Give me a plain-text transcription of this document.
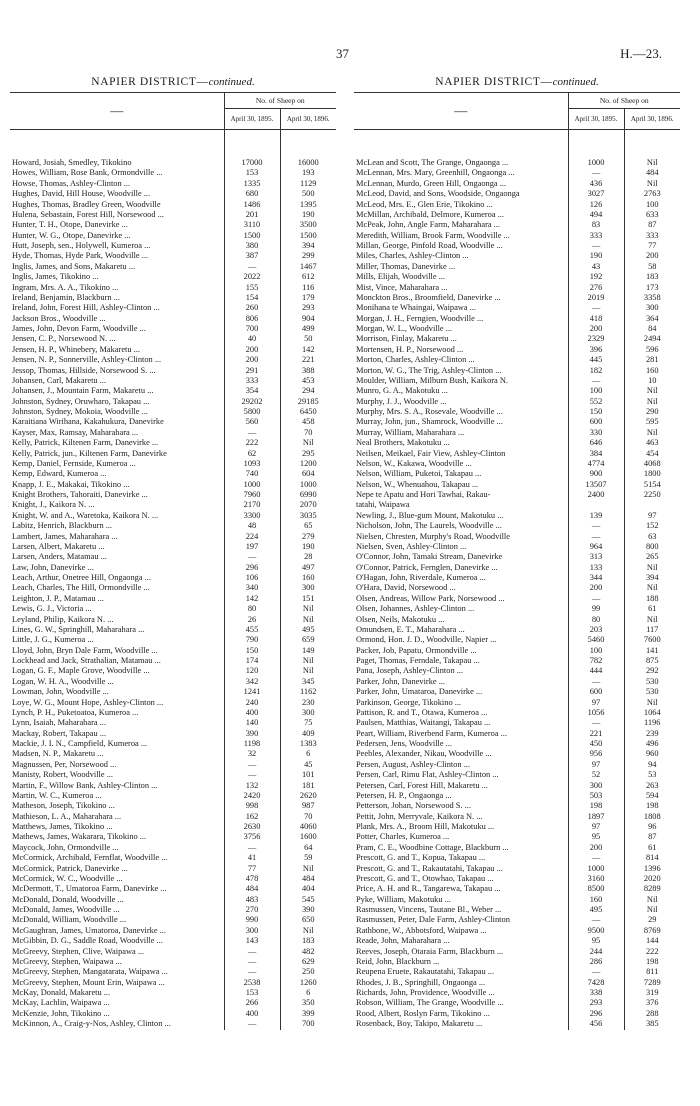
37	H.—23.
NAPIER DISTRICT—continued.
—	No. of Sheep on	
	April 30, 1895.	April 30, 1896.

Howard, Josiah, Smedley, Tikokino	17000	16000
Howes, William, Rose Bank, Ormondville ...	153	193
Howse, Thomas, Ashley-Clinton ...	1335	1129
Hughes, David, Hill House, Woodville ...	680	500
Hughes, Thomas, Bradley Green, Woodville	1486	1395
Hulena, Sebastain, Forest Hill, Norsewood ...	201	190
Hunter, T. H., Otope, Danevirke ...	3110	3500
Hunter, W. G., Otope, Danevirke ...	1500	1500
Hutt, Joseph, sen., Holywell, Kumeroa ...	380	394
Hyde, Thomas, Hyde Park, Woodville ...	387	299
Inglis, James, and Sons, Makaretu ...	—	1467
Inglis, James, Tikokino ...	2022	612
Ingram, Mrs. A. A., Tikokino ...	155	116
Ireland, Benjamin, Blackburn ...	154	179
Ireland, John, Forest Hill, Ashley-Clinton ...	260	293
Jackson Bros., Woodville ...	806	904
James, John, Devon Farm, Woodville ...	700	499
Jensen, C. P., Norsewood N. ...	40	50
Jensen, H. P., Whinebery, Makaretu ...	200	142
Jensen, N. P., Sonnerville, Ashley-Clinton ...	200	221
Jessop, Thomas, Hillside, Norsewood S. ...	291	388
Johansen, Carl, Makaretu ...	333	453
Johansen, J., Mountain Farm, Makaretu ...	354	294
Johnston, Sydney, Oruwharo, Takapau ...	29202	29185
Johnston, Sydney, Mokoia, Woodville ...	5800	6450
Karaitiana Wirihana, Kakahukura, Danevirke	560	458
Kayser, Max, Ramsay, Maharahara ...	—	70
Kelly, Patrick, Kiltenen Farm, Danevirke ...	222	Nil
Kelly, Patrick, jun., Kiltenen Farm, Danevirke	62	295
Kemp, Daniel, Fernside, Kumeroa ...	1093	1200
Kemp, Edward, Kumeroa ...	740	604
Knapp, J. E., Makakai, Tikokino ...	1000	1000
Knight Brothers, Tahoraiti, Danevirke ...	7960	6990
Knight, J., Kaikora N. ...	2170	2070
Knight, W. and A., Waretoka, Kaikora N. ...	3300	3035
Labitz, Henrich, Blackburn ...	48	65
Lambert, James, Maharahara ...	224	279
Larsen, Albert, Makaretu ...	197	190
Larsen, Anders, Matamau ...	—	28
Law, John, Danevirke ...	296	497
Leach, Arthur, Onetree Hill, Ongaonga ...	106	160
Leach, Charles, The Hill, Ormondville ...	340	300
Leighton, J. P., Matamau ...	142	151
Lewis, G. J., Victoria ...	80	Nil
Leyland, Philip, Kaikora N. ...	26	Nil
Lines, G. W., Springhill, Maharahara ...	455	495
Little, J. G., Kumeroa ...	790	659
Lloyd, John, Bryn Dale Farm, Woodville ...	150	149
Lockhead and Jack, Strathalian, Matamau ...	174	Nil
Logan, G. F., Maple Grove, Woodville ...	120	Nil
Logan, W. H. A., Woodville ...	342	345
Lowman, John, Woodville ...	1241	1162
Loye, W. G., Mount Hope, Ashley-Clinton ...	240	230
Lynch, P. H., Puketoatoa, Kumeroa ...	400	300
Lynn, Isaiah, Maharahara ...	140	75
Mackay, Robert, Takapau ...	390	409
Mackie, J. I. N., Campfield, Kumeroa ...	1198	1383
Madsen, N. P., Makaretu ...	32	6
Magnussen, Per, Norsewood ...	—	45
Manisty, Robert, Woodville ...	—	101
Martin, F., Willow Bank, Ashley-Clinton ...	132	181
Martin, W. C., Kumeroa ...	2420	2620
Matheson, Joseph, Tikokino ...	998	987
Mathieson, L. A., Maharahara ...	162	70
Matthews, James, Tikokino ...	2630	4060
Mathews, James, Wakarara, Tikokino ...	3756	1600
Maycock, John, Ormondville ...	—	64
McCormick, Archibald, Fernflat, Woodville ...	41	59
McCormick, Patrick, Danevirke ...	77	Nil
McCormick, W. C., Woodville ...	478	484
McDermott, T., Umatoroa Farm, Danevirke ...	484	404
McDonald, Donald, Woodville ...	483	545
McDonald, James, Woodville ...	270	390
McDonald, William, Woodville ...	990	650
McGaughran, James, Umatoroa, Danevirke ...	300	Nil
McGibbin, D. G., Saddle Road, Woodville ...	143	183
McGreevy, Stephen, Clive, Waipawa ...	—	482
McGreevy, Stephen, Waipawa ...	—	629
McGreevy, Stephen, Mangatarata, Waipawa ...	—	250
McGreevy, Stephen, Mount Erin, Waipawa ...	2538	1260
McKay, Donald, Makaretu ...	153	6
McKay, Lachlin, Waipawa ...	266	350
McKenzie, John, Tikokino ...	400	399
McKinnon, A., Craig-y-Nos, Ashley, Clinton ...	—	700
NAPIER DISTRICT—continued.
—	No. of Sheep on	
	April 30, 1895.	April 30, 1896.

McLean and Scott, The Grange, Ongaonga ...	1000	Nil
McLennan, Mrs. Mary, Greenhill, Ongaonga ...	—	484
McLennan, Murdo, Green Hill, Ongaonga ...	436	Nil
McLeod, David, and Sons, Woodside, Ongaonga	3027	2763
McLeod, Mrs. E., Glen Erie, Tikokino ...	126	100
McMillan, Archibald, Delmore, Kumeroa ...	494	633
McPeak, John, Angle Farm, Maharahara ...	83	87
Meredith, William, Brook Farm, Woodville ...	333	333
Millan, George, Pinfold Road, Woodville ...	—	77
Miles, Charles, Ashley-Clinton ...	190	200
Miller, Thomas, Danevirke ...	43	58
Mills, Elijah, Woodville ...	192	183
Mist, Vince, Maharahara ...	276	173
Monckton Bros., Broomfield, Danevirke ...	2019	3358
Monihana te Whaingai, Waipawa ...	—	300
Morgan, J. H., Ferngien, Woodville ...	418	364
Morgan, W. L., Woodville ...	200	84
Morrison, Finlay, Makaretu ...	2329	2494
Mortensen, H. P., Norsewood ...	396	596
Morton, Charles, Ashley-Clinton ...	445	281
Morton, W. G., The Trig, Ashley-Clinton ...	182	160
Moulder, William, Milburn Bush, Kaikora N.	—	10
Munro, G. A., Makotuku ...	100	Nil
Murphy, J. J., Woodville ...	552	Nil
Murphy, Mrs. S. A., Rosevale, Woodville ...	150	290
Murray, John, jun., Shamrock, Woodville ...	600	595
Murray, William, Maharahara ...	330	Nil
Neal Brothers, Makotuku ...	646	463
Neilsen, Meikael, Fair View, Ashley-Clinton	384	454
Nelson, W., Kakawa, Woodville ...	4774	4068
Nelson, William, Puketoi, Takapau ...	900	1800
Nelson, W., Whenuahou, Takapau ...	13507	5154
Nepe te Apatu and Hori Tawhai, Rakau-	2400	2250
tatahi, Waipawa		
Newling, J., Blue-gum Mount, Makotuku ...	139	97
Nicholson, John, The Laurels, Woodville ...	—	152
Nielsen, Chresten, Murphy's Road, Woodville	—	63
Nielsen, Sven, Ashley-Clinton ...	964	800
O'Connor, John, Tamaki Stream, Danevirke	313	265
O'Connor, Patrick, Fernglen, Danevirke ...	133	Nil
O'Hagan, John, Riverdale, Kumeroa ...	344	394
O'Hara, David, Norsewood ...	200	Nil
Olsen, Andreas, Willow Park, Norsewood ...	—	188
Olsen, Johannes, Ashley-Clinton ...	99	61
Olsen, Neils, Makotuku ...	80	Nil
Omundsen, E. T., Maharahara ...	203	117
Ormond, Hon. J. D., Woodville, Napier ...	5460	7600
Packer, Job, Papatu, Ormondville ...	100	141
Paget, Thomas, Ferndale, Takapau ...	782	875
Pana, Joseph, Ashley-Clinton ...	444	292
Parker, John, Danevirke ...	—	530
Parker, John, Umataroa, Danevirke ...	600	530
Parkinson, George, Tikokino ...	97	Nil
Pattison, R. and T., Otawa, Kumeroa ...	1056	1064
Paulsen, Matthias, Waitangi, Takapau ...	—	1196
Peart, William, Riverbend Farm, Kumeroa ...	221	239
Pedersen, Jens, Woodville ...	450	496
Peebles, Alexander, Nikau, Woodville ...	956	960
Persen, August, Ashley-Clinton ...	97	94
Persen, Carl, Rimu Flat, Ashley-Clinton ...	52	53
Petersen, Carl, Forest Hill, Makaretu ...	300	263
Petersen, H. P., Ongaonga ...	503	594
Petterson, Johan, Norsewood S. ...	198	198
Pettit, John, Merryvale, Kaikora N. ...	1897	1808
Plank, Mrs. A., Broom Hill, Makotuku ...	97	96
Potter, Charles, Kumeroa ...	95	87
Pram, C. E., Woodbine Cottage, Blackburn ...	200	61
Prescott, G. and T., Kopua, Takapau ...	—	814
Prescott, G. and T., Rakautatahi, Takapau ...	1000	1396
Prescott, G. and T., Otowhao, Takapau ...	3160	2020
Price, A. H. and R., Tangarewa, Takapau ...	8500	8289
Pyke, William, Makotuku ...	160	Nil
Rasmussen, Vincens, Tautane Bl., Weber ...	495	Nil
Rasmussen, Peter, Dale Farm, Ashley-Clinton	—	29
Rathbone, W., Abbotsford, Waipawa ...	9500	8769
Reade, John, Maharahara ...	95	144
Reeves, Joseph, Otaraia Farm, Blackburn ...	244	222
Reid, John, Blackburn ...	286	198
Reupena Eruete, Rakautatahi, Takapau ...	—	811
Rhodes, J. B., Springhill, Ongaonga ...	7428	7289
Richards, John, Providence, Woodville ...	338	319
Robson, William, The Grange, Woodville ...	293	376
Rood, Albert, Roslyn Farm, Tikokino ...	296	288
Rosenback, Boy, Takipo, Makaretu ...	456	385
